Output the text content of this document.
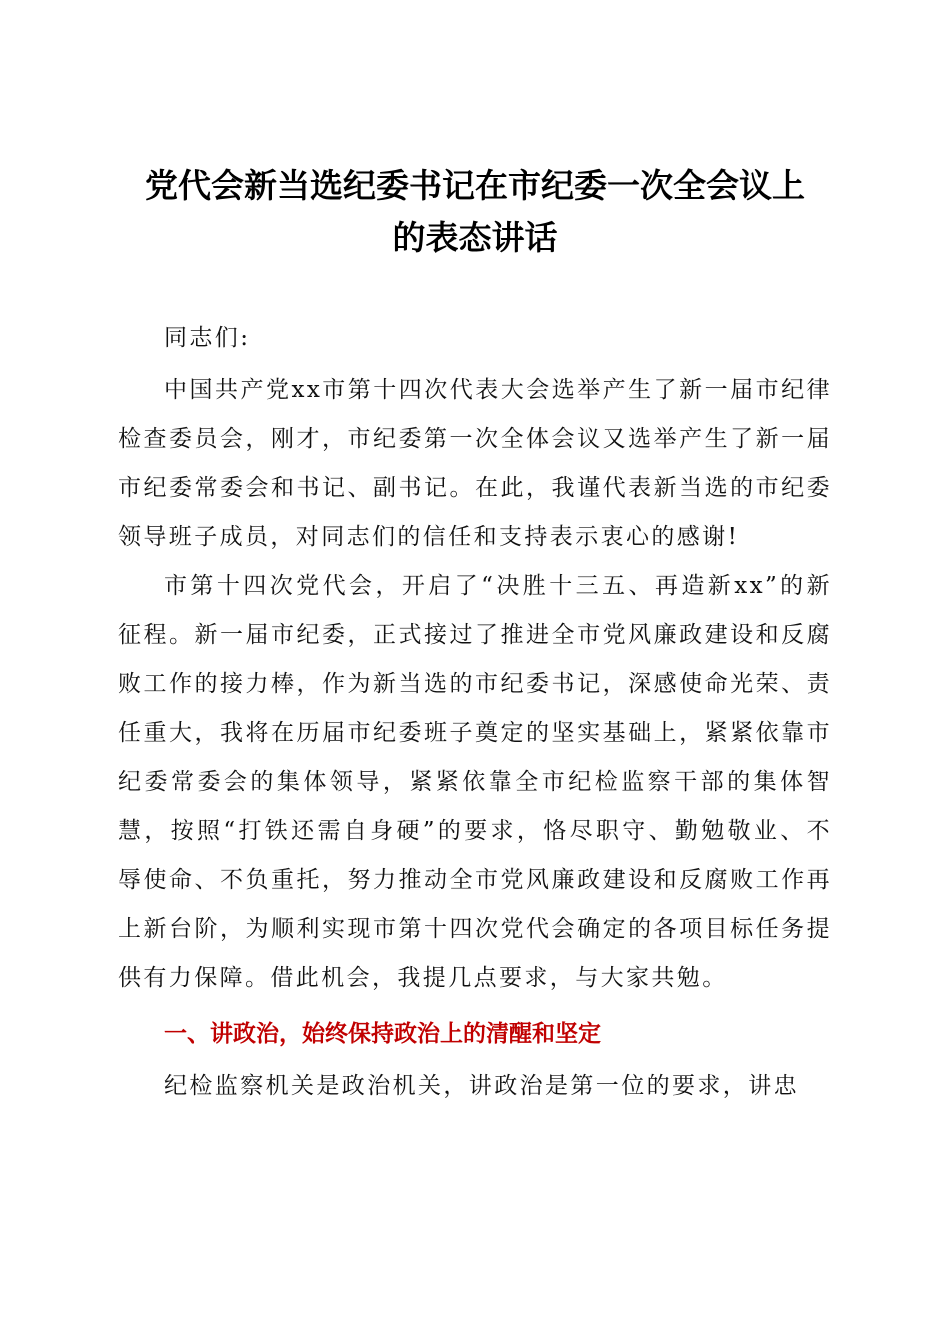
党代会新当选纪委书记在市纪委一次全会议上
的表态讲话

同志们:

中国共产党xx市第十四次代表大会选举产生了新一届市纪律检查委员会，刚才，市纪委第一次全体会议又选举产生了新一届市纪委常委会和书记、副书记。在此，我谨代表新当选的市纪委领导班子成员，对同志们的信任和支持表示衷心的感谢!

市第十四次党代会，开启了“决胜十三五、再造新xx”的新征程。新一届市纪委，正式接过了推进全市党风廉政建设和反腐败工作的接力棒，作为新当选的市纪委书记，深感使命光荣、责任重大，我将在历届市纪委班子奠定的坚实基础上，紧紧依靠市纪委常委会的集体领导，紧紧依靠全市纪检监察干部的集体智慧，按照“打铁还需自身硬”的要求，恪尽职守、勤勉敬业、不辱使命、不负重托，努力推动全市党风廉政建设和反腐败工作再上新台阶，为顺利实现市第十四次党代会确定的各项目标任务提供有力保障。借此机会，我提几点要求，与大家共勉。

一、讲政治，始终保持政治上的清醒和坚定

纪检监察机关是政治机关，讲政治是第一位的要求，讲忠
